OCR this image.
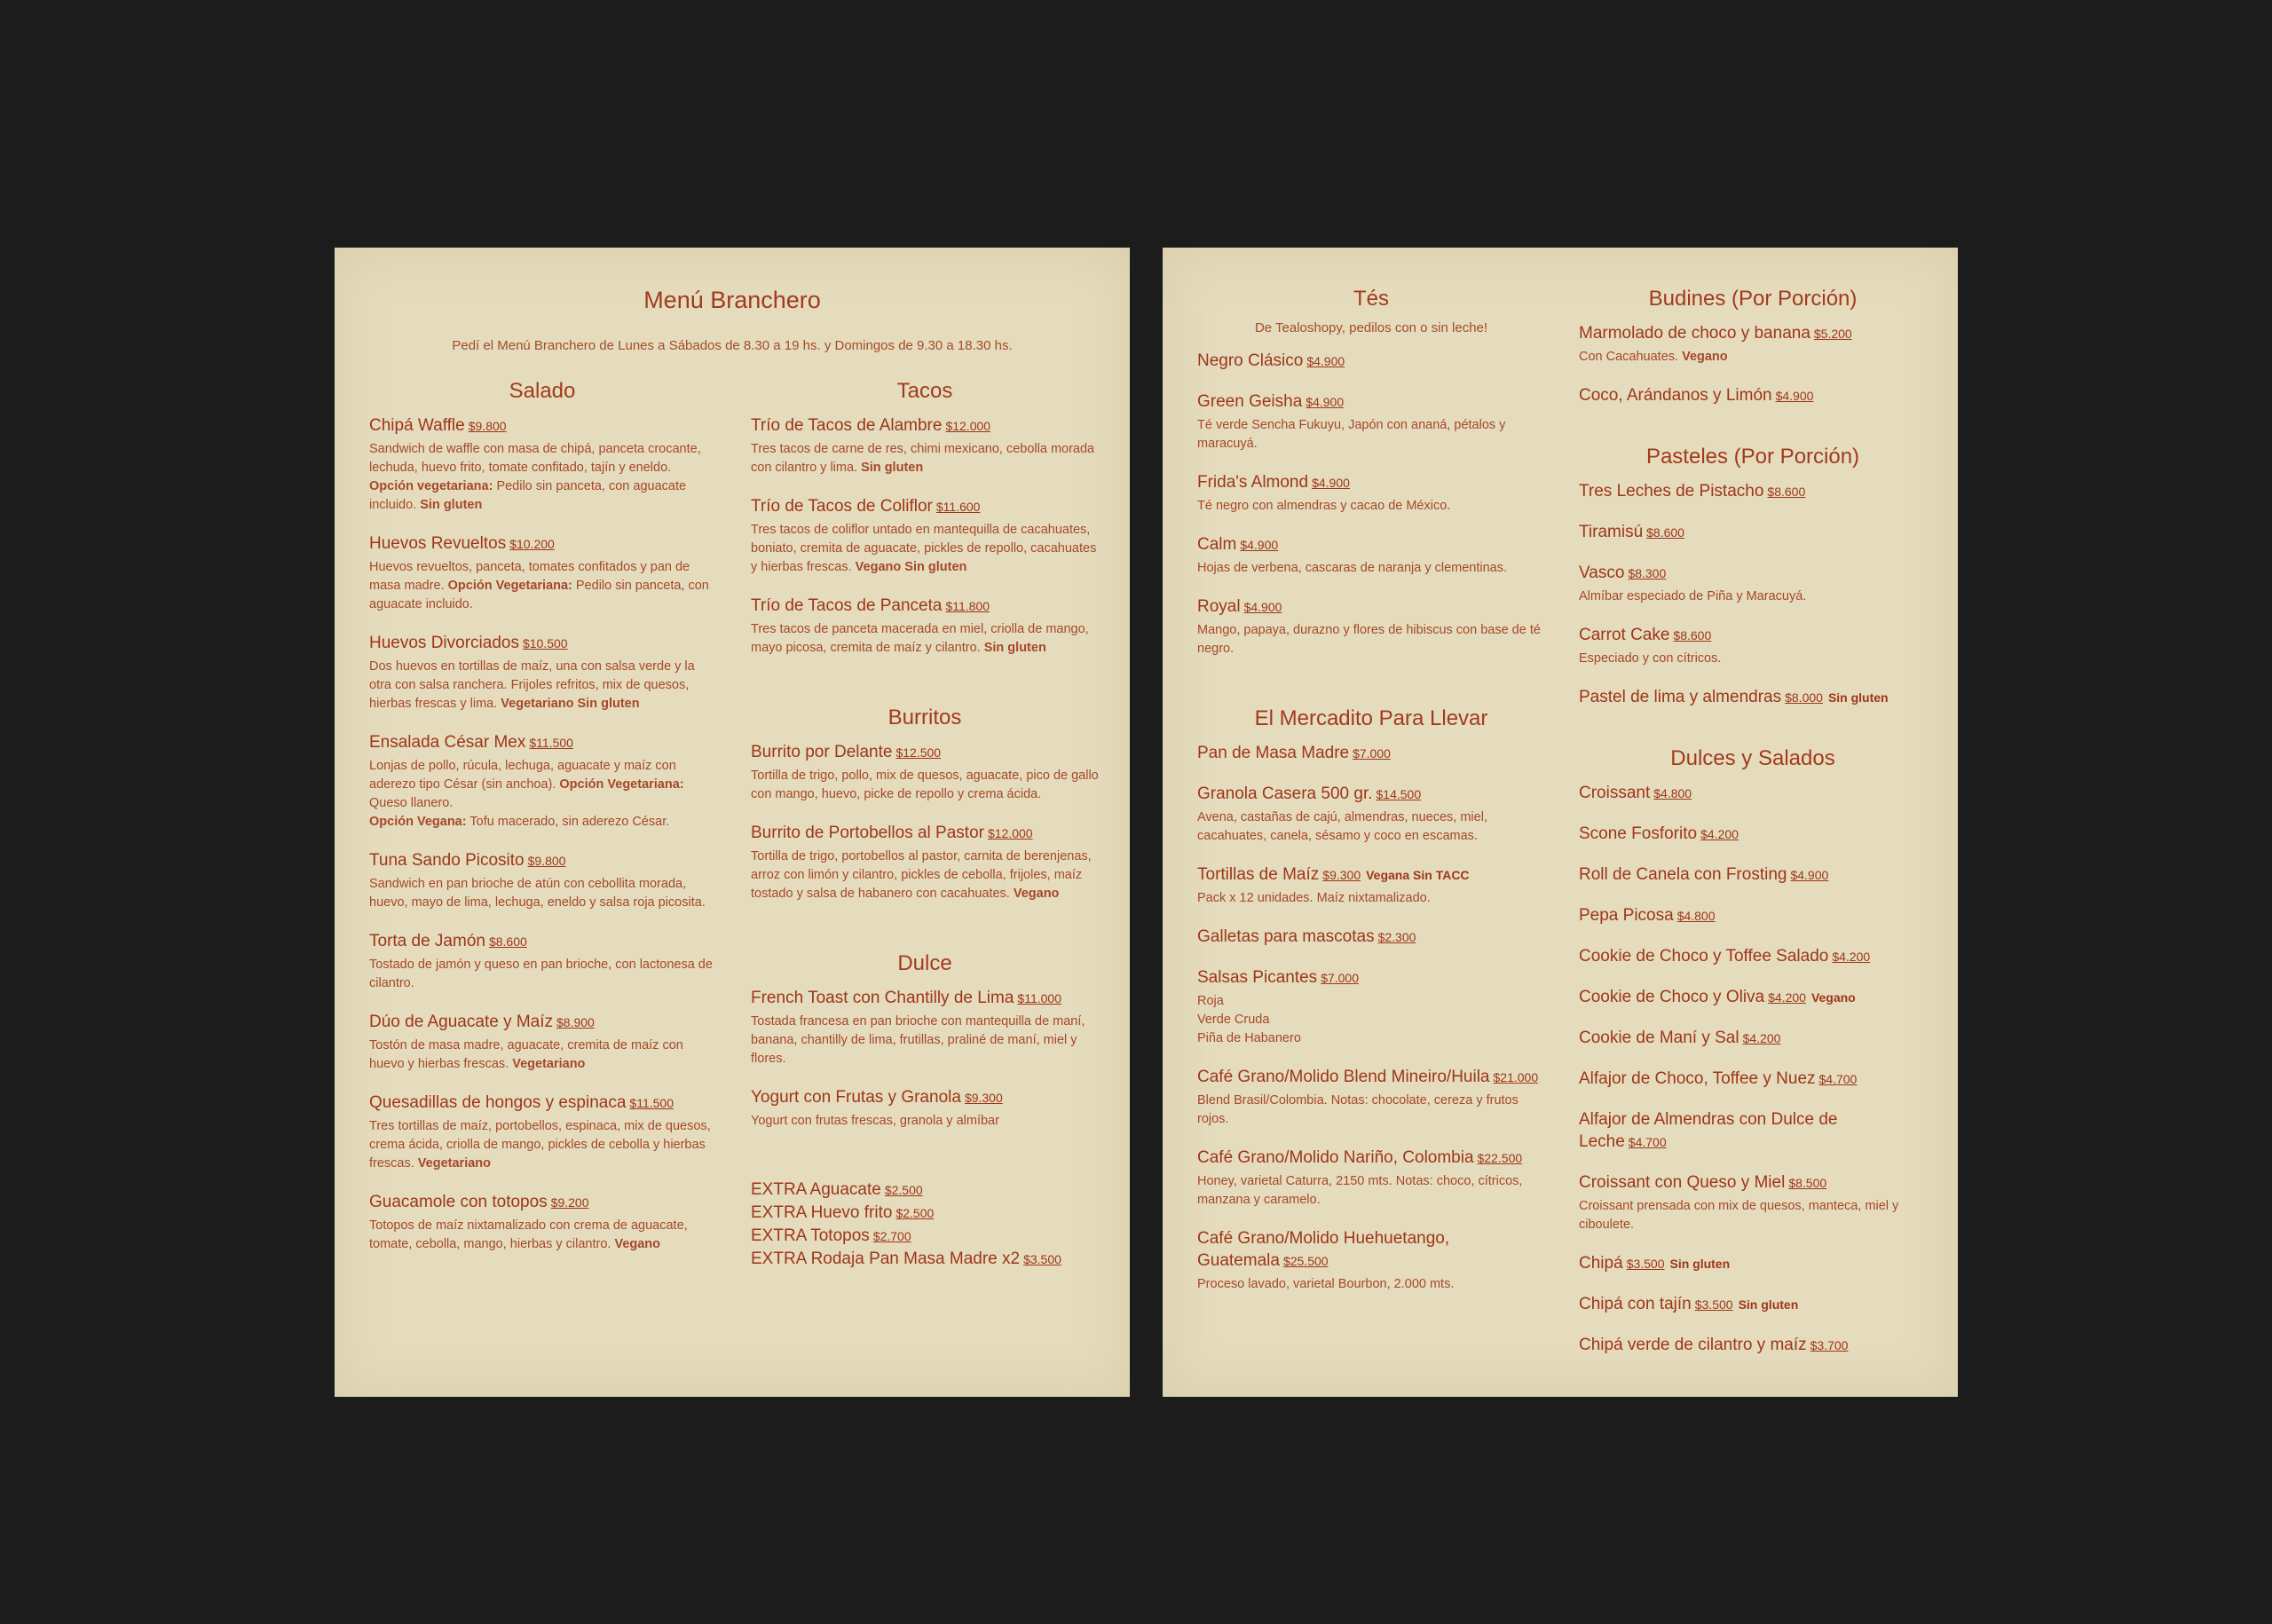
Menú Branchero

Pedí el Menú Branchero de Lunes a Sábados de 8.30 a 19 hs. y Domingos de 9.30 a 18.30 hs.

Salado
Chipá Waffle $9.800
Sandwich de waffle con masa de chipá, panceta crocante, lechuda, huevo frito, tomate confitado, tajín y eneldo. Opción vegetariana: Pedilo sin panceta, con aguacate incluido. Sin gluten
Huevos Revueltos $10.200
Huevos revueltos, panceta, tomates confitados y pan de masa madre. Opción Vegetariana: Pedilo sin panceta, con aguacate incluido.
Huevos Divorciados $10.500
Dos huevos en tortillas de maíz, una con salsa verde y la otra con salsa ranchera. Frijoles refritos, mix de quesos, hierbas frescas y lima. Vegetariano Sin gluten
Ensalada César Mex $11.500
Lonjas de pollo, rúcula, lechuga, aguacate y maíz con aderezo tipo César (sin anchoa). Opción Vegetariana: Queso llanero.
Opción Vegana: Tofu macerado, sin aderezo César.
Tuna Sando Picosito $9.800
Sandwich en pan brioche de atún con cebollita morada, huevo, mayo de lima, lechuga, eneldo y salsa roja picosita.
Torta de Jamón $8.600
Tostado de jamón y queso en pan brioche, con lactonesa de cilantro.
Dúo de Aguacate y Maíz $8.900
Tostón de masa madre, aguacate, cremita de maíz con huevo y hierbas frescas. Vegetariano
Quesadillas de hongos y espinaca $11.500
Tres tortillas de maíz, portobellos, espinaca, mix de quesos, crema ácida, criolla de mango, pickles de cebolla y hierbas frescas. Vegetariano
Guacamole con totopos $9.200
Totopos de maíz nixtamalizado con crema de aguacate, tomate, cebolla, mango, hierbas y cilantro. Vegano
Tacos
Trío de Tacos de Alambre $12.000
Tres tacos de carne de res, chimi mexicano, cebolla morada con cilantro y lima. Sin gluten
Trío de Tacos de Coliflor $11.600
Tres tacos de coliflor untado en mantequilla de cacahuates, boniato, cremita de aguacate, pickles de repollo, cacahuates y hierbas frescas. Vegano Sin gluten
Trío de Tacos de Panceta $11.800
Tres tacos de panceta macerada en miel, criolla de mango, mayo picosa, cremita de maíz y cilantro. Sin gluten
Burritos
Burrito por Delante $12.500
Tortilla de trigo, pollo, mix de quesos, aguacate, pico de gallo con mango, huevo, picke de repollo y crema ácida.
Burrito de Portobellos al Pastor $12.000
Tortilla de trigo, portobellos al pastor, carnita de berenjenas, arroz con limón y cilantro, pickles de cebolla, frijoles, maíz tostado y salsa de habanero con cacahuates. Vegano
Dulce
French Toast con Chantilly de Lima $11.000
Tostada francesa en pan brioche con mantequilla de maní, banana, chantilly de lima, frutillas, praliné de maní, miel y flores.
Yogurt con Frutas y Granola $9.300
Yogurt con frutas frescas, granola y almíbar
EXTRA Aguacate $2.500
EXTRA Huevo frito $2.500
EXTRA Totopos $2.700
EXTRA Rodaja Pan Masa Madre x2 $3.500
Tés

De Tealoshopy, pedilos con o sin leche!

Negro Clásico $4.900
Green Geisha $4.900
Té verde Sencha Fukuyu, Japón con ananá, pétalos y maracuyá.
Frida's Almond $4.900
Té negro con almendras y cacao de México.
Calm $4.900
Hojas de verbena, cascaras de naranja y clementinas.
Royal $4.900
Mango, papaya, durazno y flores de hibiscus con base de té negro.
El Mercadito Para Llevar
Pan de Masa Madre $7.000
Granola Casera 500 gr. $14.500
Avena, castañas de cajú, almendras, nueces, miel, cacahuates, canela, sésamo y coco en escamas.
Tortillas de Maíz $9.300 Vegana Sin TACC
Pack x 12 unidades. Maíz nixtamalizado.
Galletas para mascotas $2.300
Salsas Picantes $7.000
Roja
Verde Cruda
Piña de Habanero
Café Grano/Molido Blend Mineiro/Huila $21.000
Blend Brasil/Colombia. Notas: chocolate, cereza y frutos rojos.
Café Grano/Molido Nariño, Colombia $22.500
Honey, varietal Caturra, 2150 mts. Notas: choco, cítricos, manzana y caramelo.
Café Grano/Molido Huehuetango, Guatemala $25.500
Proceso lavado, varietal Bourbon, 2.000 mts.
Budines (Por Porción)
Marmolado de choco y banana $5.200
Con Cacahuates. Vegano
Coco, Arándanos y Limón $4.900
Pasteles (Por Porción)
Tres Leches de Pistacho $8.600
Tiramisú $8.600
Vasco $8.300
Almíbar especiado de Piña y Maracuyá.
Carrot Cake $8.600
Especiado y con cítricos.
Pastel de lima y almendras $8.000 Sin gluten
Dulces y Salados
Croissant $4.800
Scone Fosforito $4.200
Roll de Canela con Frosting $4.900
Pepa Picosa $4.800
Cookie de Choco y Toffee Salado $4.200
Cookie de Choco y Oliva $4.200 Vegano
Cookie de Maní y Sal $4.200
Alfajor de Choco, Toffee y Nuez $4.700
Alfajor de Almendras con Dulce de Leche $4.700
Croissant con Queso y Miel $8.500
Croissant prensada con mix de quesos, manteca, miel y ciboulete.
Chipá $3.500 Sin gluten
Chipá con tajín $3.500 Sin gluten
Chipá verde de cilantro y maíz $3.700
